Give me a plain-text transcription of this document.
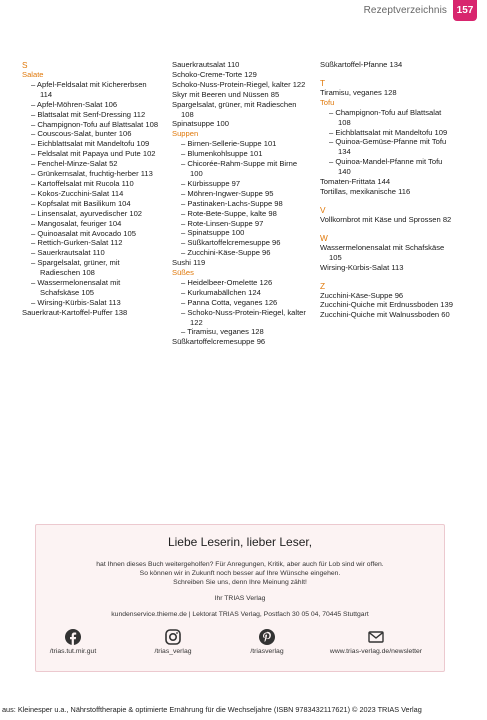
Rezeptverzeichnis 157
S
Salate
– Apfel-Feldsalat mit Kichererbsen 114
– Apfel-Möhren-Salat 106
– Blattsalat mit Senf-Dressing 112
– Champignon-Tofu auf Blattsalat 108
– Couscous-Salat, bunter 106
– Eichblattsalat mit Mandeltofu 109
– Feldsalat mit Papaya und Pute 102
– Fenchel-Minze-Salat 52
– Grünkernsalat, fruchtig-herber 113
– Kartoffelsalat mit Rucola 110
– Kokos-Zucchini-Salat 114
– Kopfsalat mit Basilikum 104
– Linsensalat, ayurvedischer 102
– Mangosalat, feuriger 104
– Quinoasalat mit Avocado 105
– Rettich-Gurken-Salat 112
– Sauerkrautsalat 110
– Spargelsalat, grüner, mit Radieschen 108
– Wassermelonensalat mit Schafskäse 105
– Wirsing-Kürbis-Salat 113
Sauerkraut-Kartoffel-Puffer 138
Sauerkrautsalat 110
Schoko-Creme-Torte 129
Schoko-Nuss-Protein-Riegel, kalter 122
Skyr mit Beeren und Nüssen 85
Spargelsalat, grüner, mit Radieschen 108
Spinatsuppe 100
Suppen
– Birnen-Sellerie-Suppe 101
– Blumenkohlsuppe 101
– Chicorée-Rahm-Suppe mit Birne 100
– Kürbissuppe 97
– Möhren-Ingwer-Suppe 95
– Pastinaken-Lachs-Suppe 98
– Rote-Bete-Suppe, kalte 98
– Rote-Linsen-Suppe 97
– Spinatsuppe 100
– Süßkartoffelcremesuppe 96
– Zucchini-Käse-Suppe 96
Sushi 119
Süßes
– Heidelbeer-Omelette 126
– Kurkumabällchen 124
– Panna Cotta, veganes 126
– Schoko-Nuss-Protein-Riegel, kalter 122
– Tiramisu, veganes 128
Süßkartoffelcremesuppe 96
Süßkartoffel-Pfanne 134
T
Tiramisu, veganes 128
Tofu
– Champignon-Tofu auf Blattsalat 108
– Eichblattsalat mit Mandeltofu 109
– Quinoa-Gemüse-Pfanne mit Tofu 134
– Quinoa-Mandel-Pfanne mit Tofu 140
Tomaten-Frittata 144
Tortillas, mexikanische 116
V
Vollkornbrot mit Käse und Sprossen 82
W
Wassermelonensalat mit Schafskäse 105
Wirsing-Kürbis-Salat 113
Z
Zucchini-Käse-Suppe 96
Zucchini-Quiche mit Erdnussboden 139
Zucchini-Quiche mit Walnussboden 60
Liebe Leserin, lieber Leser,
hat Ihnen dieses Buch weitergeholfen? Für Anregungen, Kritik, aber auch für Lob sind wir offen.
So können wir in Zukunft noch besser auf Ihre Wünsche eingehen.
Schreiben Sie uns, denn Ihre Meinung zählt!
Ihr TRIAS Verlag
kundenservice.thieme.de | Lektorat TRIAS Verlag, Postfach 30 05 04, 70445 Stuttgart
/trias.tut.mir.gut	/trias_verlag	/triasverlag	www.trias-verlag.de/newsletter
aus: Kleinesper u.a., Nährstofftherapie & optimierte Ernährung für die Wechseljahre (ISBN 9783432117621) © 2023 TRIAS Verlag
